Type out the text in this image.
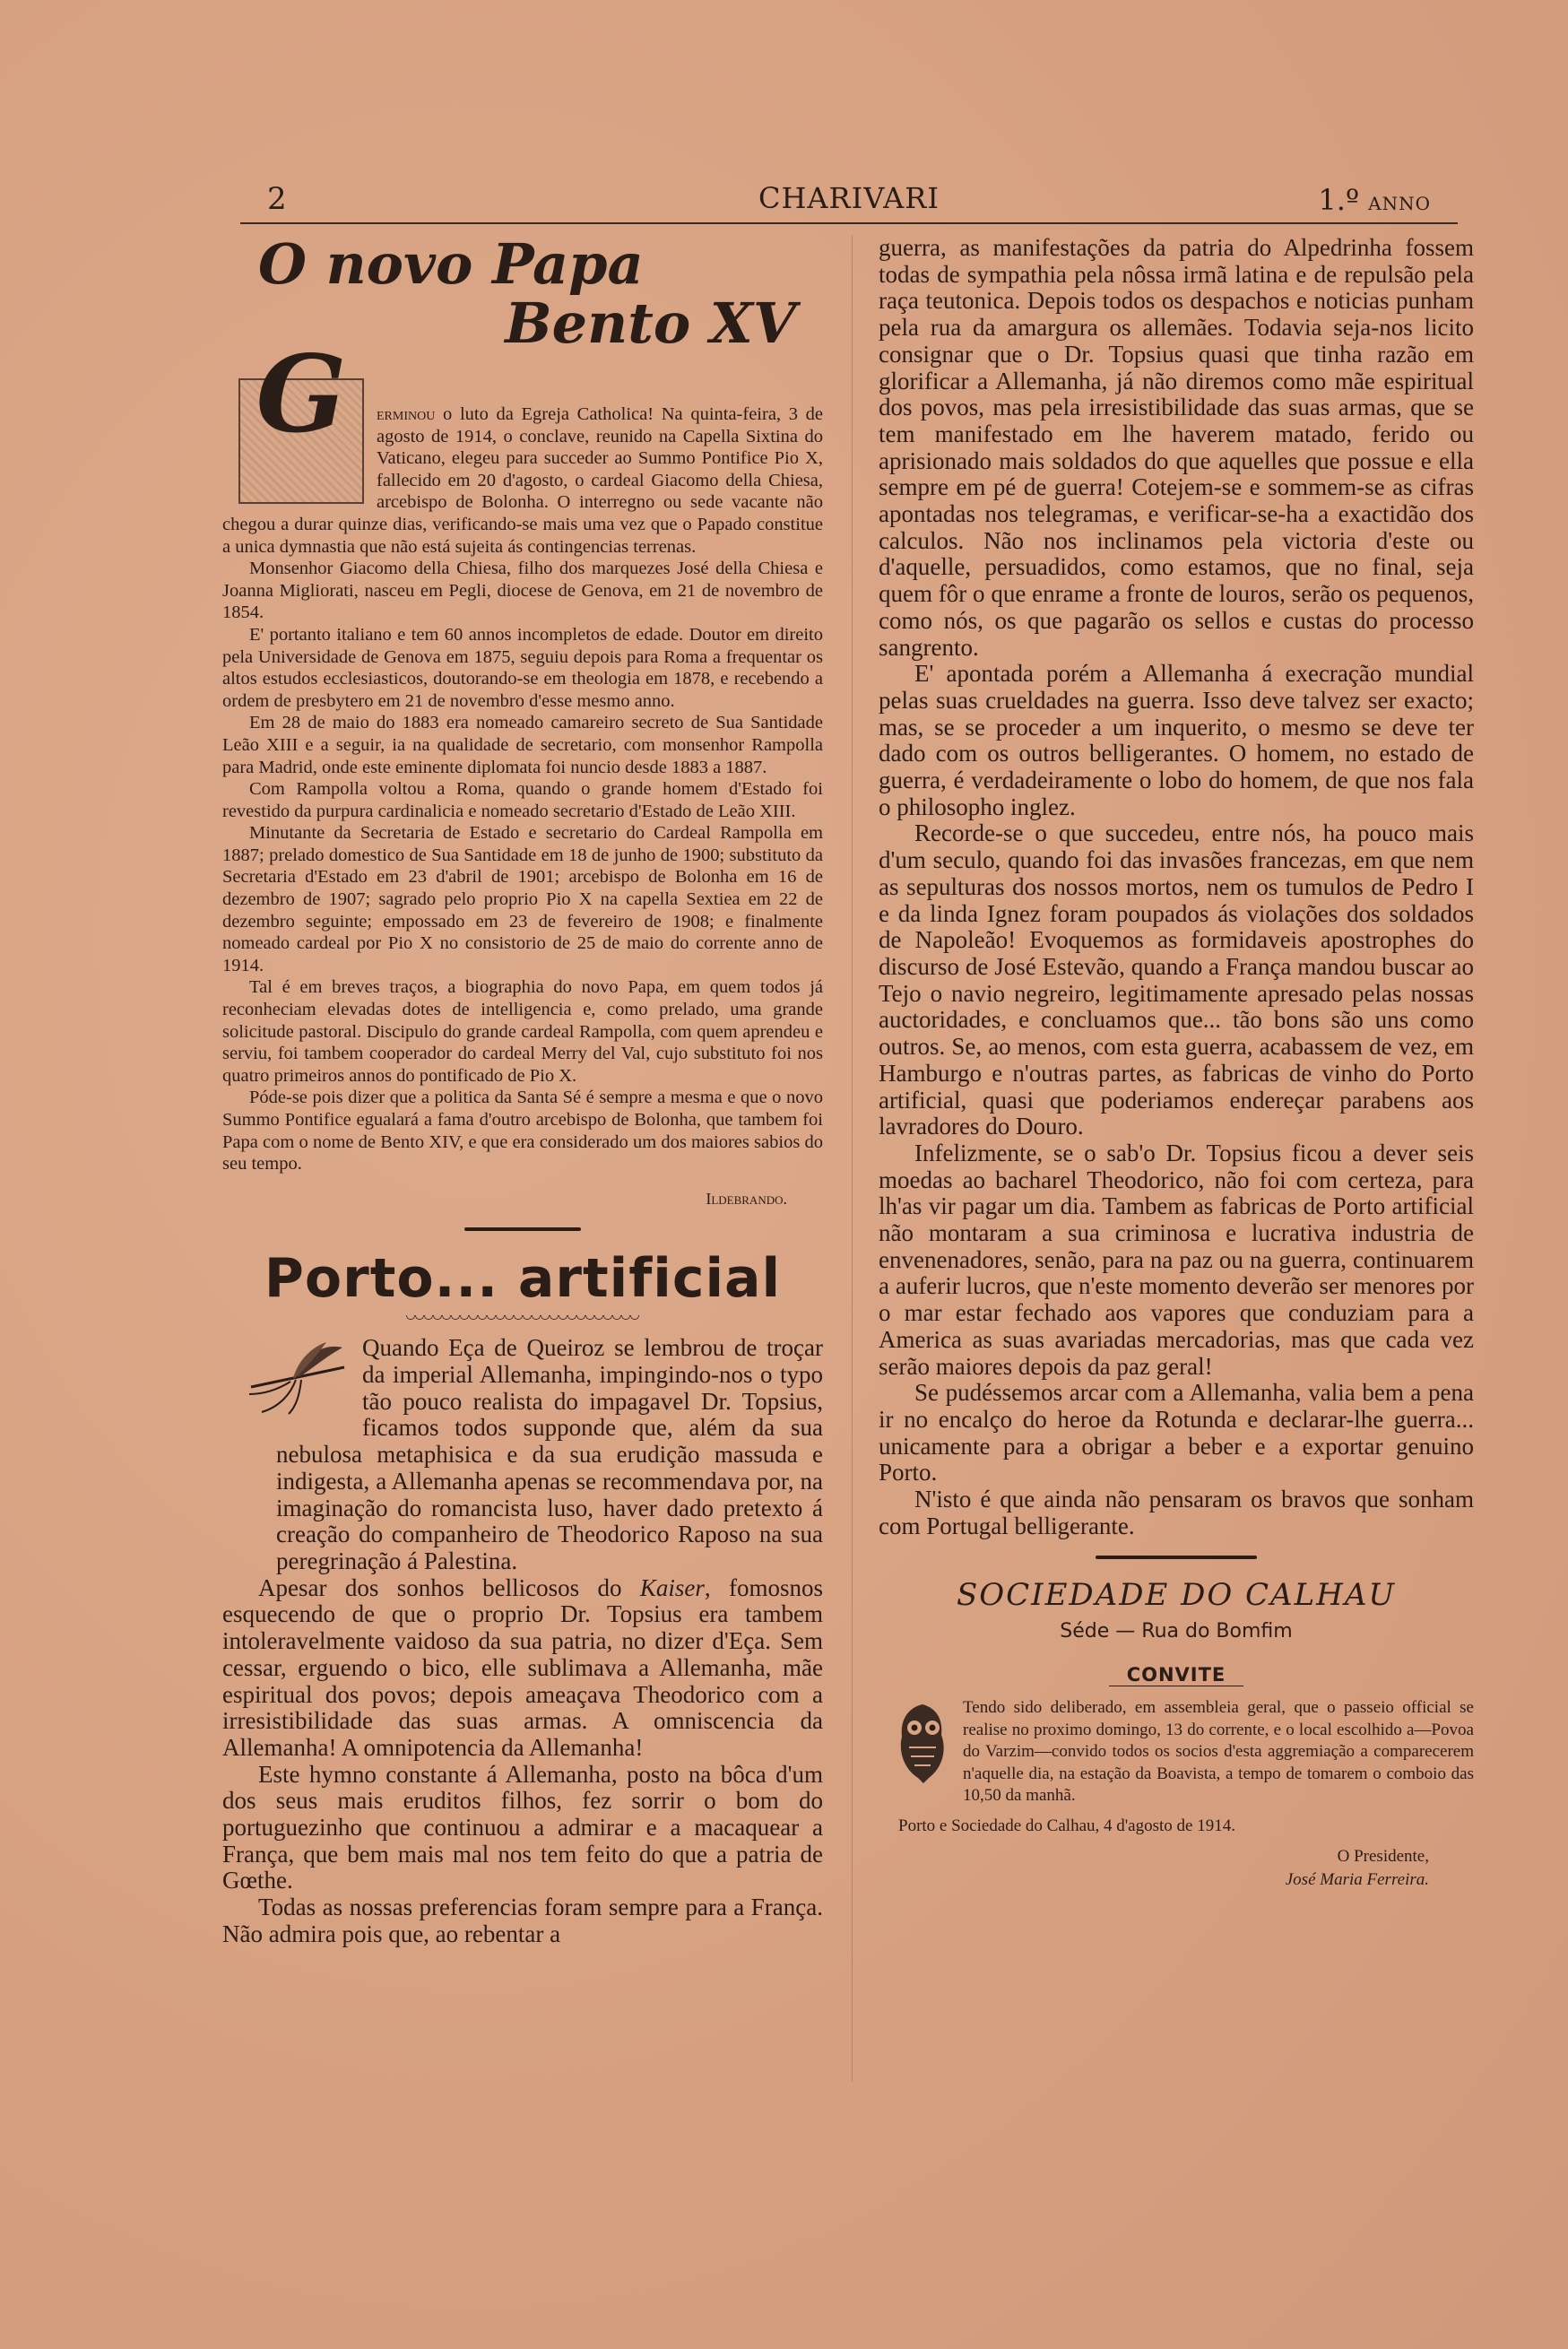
2	CHARIVARI	1.º ANNO
O novo Papa
Bento XV
G	erminou o luto da Egreja Catholica! Na quinta-feira, 3 de agosto de 1914, o conclave, reunido na Capella Sixtina do Vaticano, elegeu para succeder ao Summo Pontifice Pio X, fallecido em 20 d'agosto, o cardeal Giacomo della Chiesa, arcebispo de Bolonha. O interregno ou sede vacante não chegou a durar quinze dias, verificando-se mais uma vez que o Papado constitue a unica dymnastia que não está sujeita ás contingencias terrenas.

Monsenhor Giacomo della Chiesa, filho dos marquezes José della Chiesa e Joanna Migliorati, nasceu em Pegli, diocese de Genova, em 21 de novembro de 1854.

E' portanto italiano e tem 60 annos incompletos de edade. Doutor em direito pela Universidade de Genova em 1875, seguiu depois para Roma a frequentar os altos estudos ecclesiasticos, doutorando-se em theologia em 1878, e recebendo a ordem de presbytero em 21 de novembro d'esse mesmo anno.

Em 28 de maio do 1883 era nomeado camareiro secreto de Sua Santidade Leão XIII e a seguir, ia na qualidade de secretario, com monsenhor Rampolla para Madrid, onde este eminente diplomata foi nuncio desde 1883 a 1887.

Com Rampolla voltou a Roma, quando o grande homem d'Estado foi revestido da purpura cardinalicia e nomeado secretario d'Estado de Leão XIII.

Minutante da Secretaria de Estado e secretario do Cardeal Rampolla em 1887; prelado domestico de Sua Santidade em 18 de junho de 1900; substituto da Secretaria d'Estado em 23 d'abril de 1901; arcebispo de Bolonha em 16 de dezembro de 1907; sagrado pelo proprio Pio X na capella Sextiea em 22 de dezembro seguinte; empossado em 23 de fevereiro de 1908; e finalmente nomeado cardeal por Pio X no consistorio de 25 de maio do corrente anno de 1914.

Tal é em breves traços, a biographia do novo Papa, em quem todos já reconheciam elevadas dotes de intelligencia e, como prelado, uma grande solicitude pastoral. Discipulo do grande cardeal Rampolla, com quem aprendeu e serviu, foi tambem cooperador do cardeal Merry del Val, cujo substituto foi nos quatro primeiros annos do pontificado de Pio X.

Póde-se pois dizer que a politica da Santa Sé é sempre a mesma e que o novo Summo Pontifice egualará a fama d'outro arcebispo de Bolonha, que tambem foi Papa com o nome de Bento XIV, e que era considerado um dos maiores sabios do seu tempo.

Ildebrando.
Porto... artificial

Quando Eça de Queiroz se lembrou de troçar da imperial Allemanha, impingindo-nos o typo tão pouco realista do impagavel Dr. Topsius, ficamos todos supponde que, além da sua nebulosa metaphisica e da sua erudição massuda e indigesta, a Allemanha apenas se recommendava por, na imaginação do romancista luso, haver dado pretexto á creação do companheiro de Theodorico Raposo na sua peregrinação á Palestina.

Apesar dos sonhos bellicosos do Kaiser, fomosnos esquecendo de que o proprio Dr. Topsius era tambem intoleravelmente vaidoso da sua patria, no dizer d'Eça. Sem cessar, erguendo o bico, elle sublimava a Allemanha, mãe espiritual dos povos; depois ameaçava Theodorico com a irresistibilidade das suas armas. A omniscencia da Allemanha! A omnipotencia da Allemanha!

Este hymno constante á Allemanha, posto na bôca d'um dos seus mais eruditos filhos, fez sorrir o bom do portuguezinho que continuou a admirar e a macaquear a França, que bem mais mal nos tem feito do que a patria de Gœthe.

Todas as nossas preferencias foram sempre para a França. Não admira pois que, ao rebentar a

guerra, as manifestações da patria do Alpedrinha fossem todas de sympathia pela nôssa irmã latina e de repulsão pela raça teutonica. Depois todos os despachos e noticias punham pela rua da amargura os allemães. Todavia seja-nos licito consignar que o Dr. Topsius quasi que tinha razão em glorificar a Allemanha, já não diremos como mãe espiritual dos povos, mas pela irresistibilidade das suas armas, que se tem manifestado em lhe haverem matado, ferido ou aprisionado mais soldados do que aquelles que possue e ella sempre em pé de guerra! Cotejem-se e sommem-se as cifras apontadas nos telegramas, e verificar-se-ha a exactidão dos calculos. Não nos inclinamos pela victoria d'este ou d'aquelle, persuadidos, como estamos, que no final, seja quem fôr o que enrame a fronte de louros, serão os pequenos, como nós, os que pagarão os sellos e custas do processo sangrento.

E' apontada porém a Allemanha á execração mundial pelas suas crueldades na guerra. Isso deve talvez ser exacto; mas, se se proceder a um inquerito, o mesmo se deve ter dado com os outros belligerantes. O homem, no estado de guerra, é verdadeiramente o lobo do homem, de que nos fala o philosopho inglez.

Recorde-se o que succedeu, entre nós, ha pouco mais d'um seculo, quando foi das invasões francezas, em que nem as sepulturas dos nossos mortos, nem os tumulos de Pedro I e da linda Ignez foram poupados ás violações dos soldados de Napoleão! Evoquemos as formidaveis apostrophes do discurso de José Estevão, quando a França mandou buscar ao Tejo o navio negreiro, legitimamente apresado pelas nossas auctoridades, e concluamos que... tão bons são uns como outros. Se, ao menos, com esta guerra, acabassem de vez, em Hamburgo e n'outras partes, as fabricas de vinho do Porto artificial, quasi que poderiamos endereçar parabens aos lavradores do Douro.

Infelizmente, se o sab'o Dr. Topsius ficou a dever seis moedas ao bacharel Theodorico, não foi com certeza, para lh'as vir pagar um dia. Tambem as fabricas de Porto artificial não montaram a sua criminosa e lucrativa industria de envenenadores, senão, para na paz ou na guerra, continuarem a auferir lucros, que n'este momento deverão ser menores por o mar estar fechado aos vapores que conduziam para a America as suas avariadas mercadorias, mas que cada vez serão maiores depois da paz geral!

Se pudéssemos arcar com a Allemanha, valia bem a pena ir no encalço do heroe da Rotunda e declarar-lhe guerra... unicamente para a obrigar a beber e a exportar genuino Porto.

N'isto é que ainda não pensaram os bravos que sonham com Portugal belligerante.

SOCIEDADE DO CALHAU
Séde — Rua do Bomfim
CONVITE

Tendo sido deliberado, em assembleia geral, que o passeio official se realise no proximo domingo, 13 do corrente, e o local escolhido a—Povoa do Varzim—convido todos os socios d'esta aggremiação a comparecerem n'aquelle dia, na estação da Boavista, a tempo de tomarem o comboio das 10,50 da manhã.

Porto e Sociedade do Calhau, 4 d'agosto de 1914.
O Presidente,
José Maria Ferreira.
